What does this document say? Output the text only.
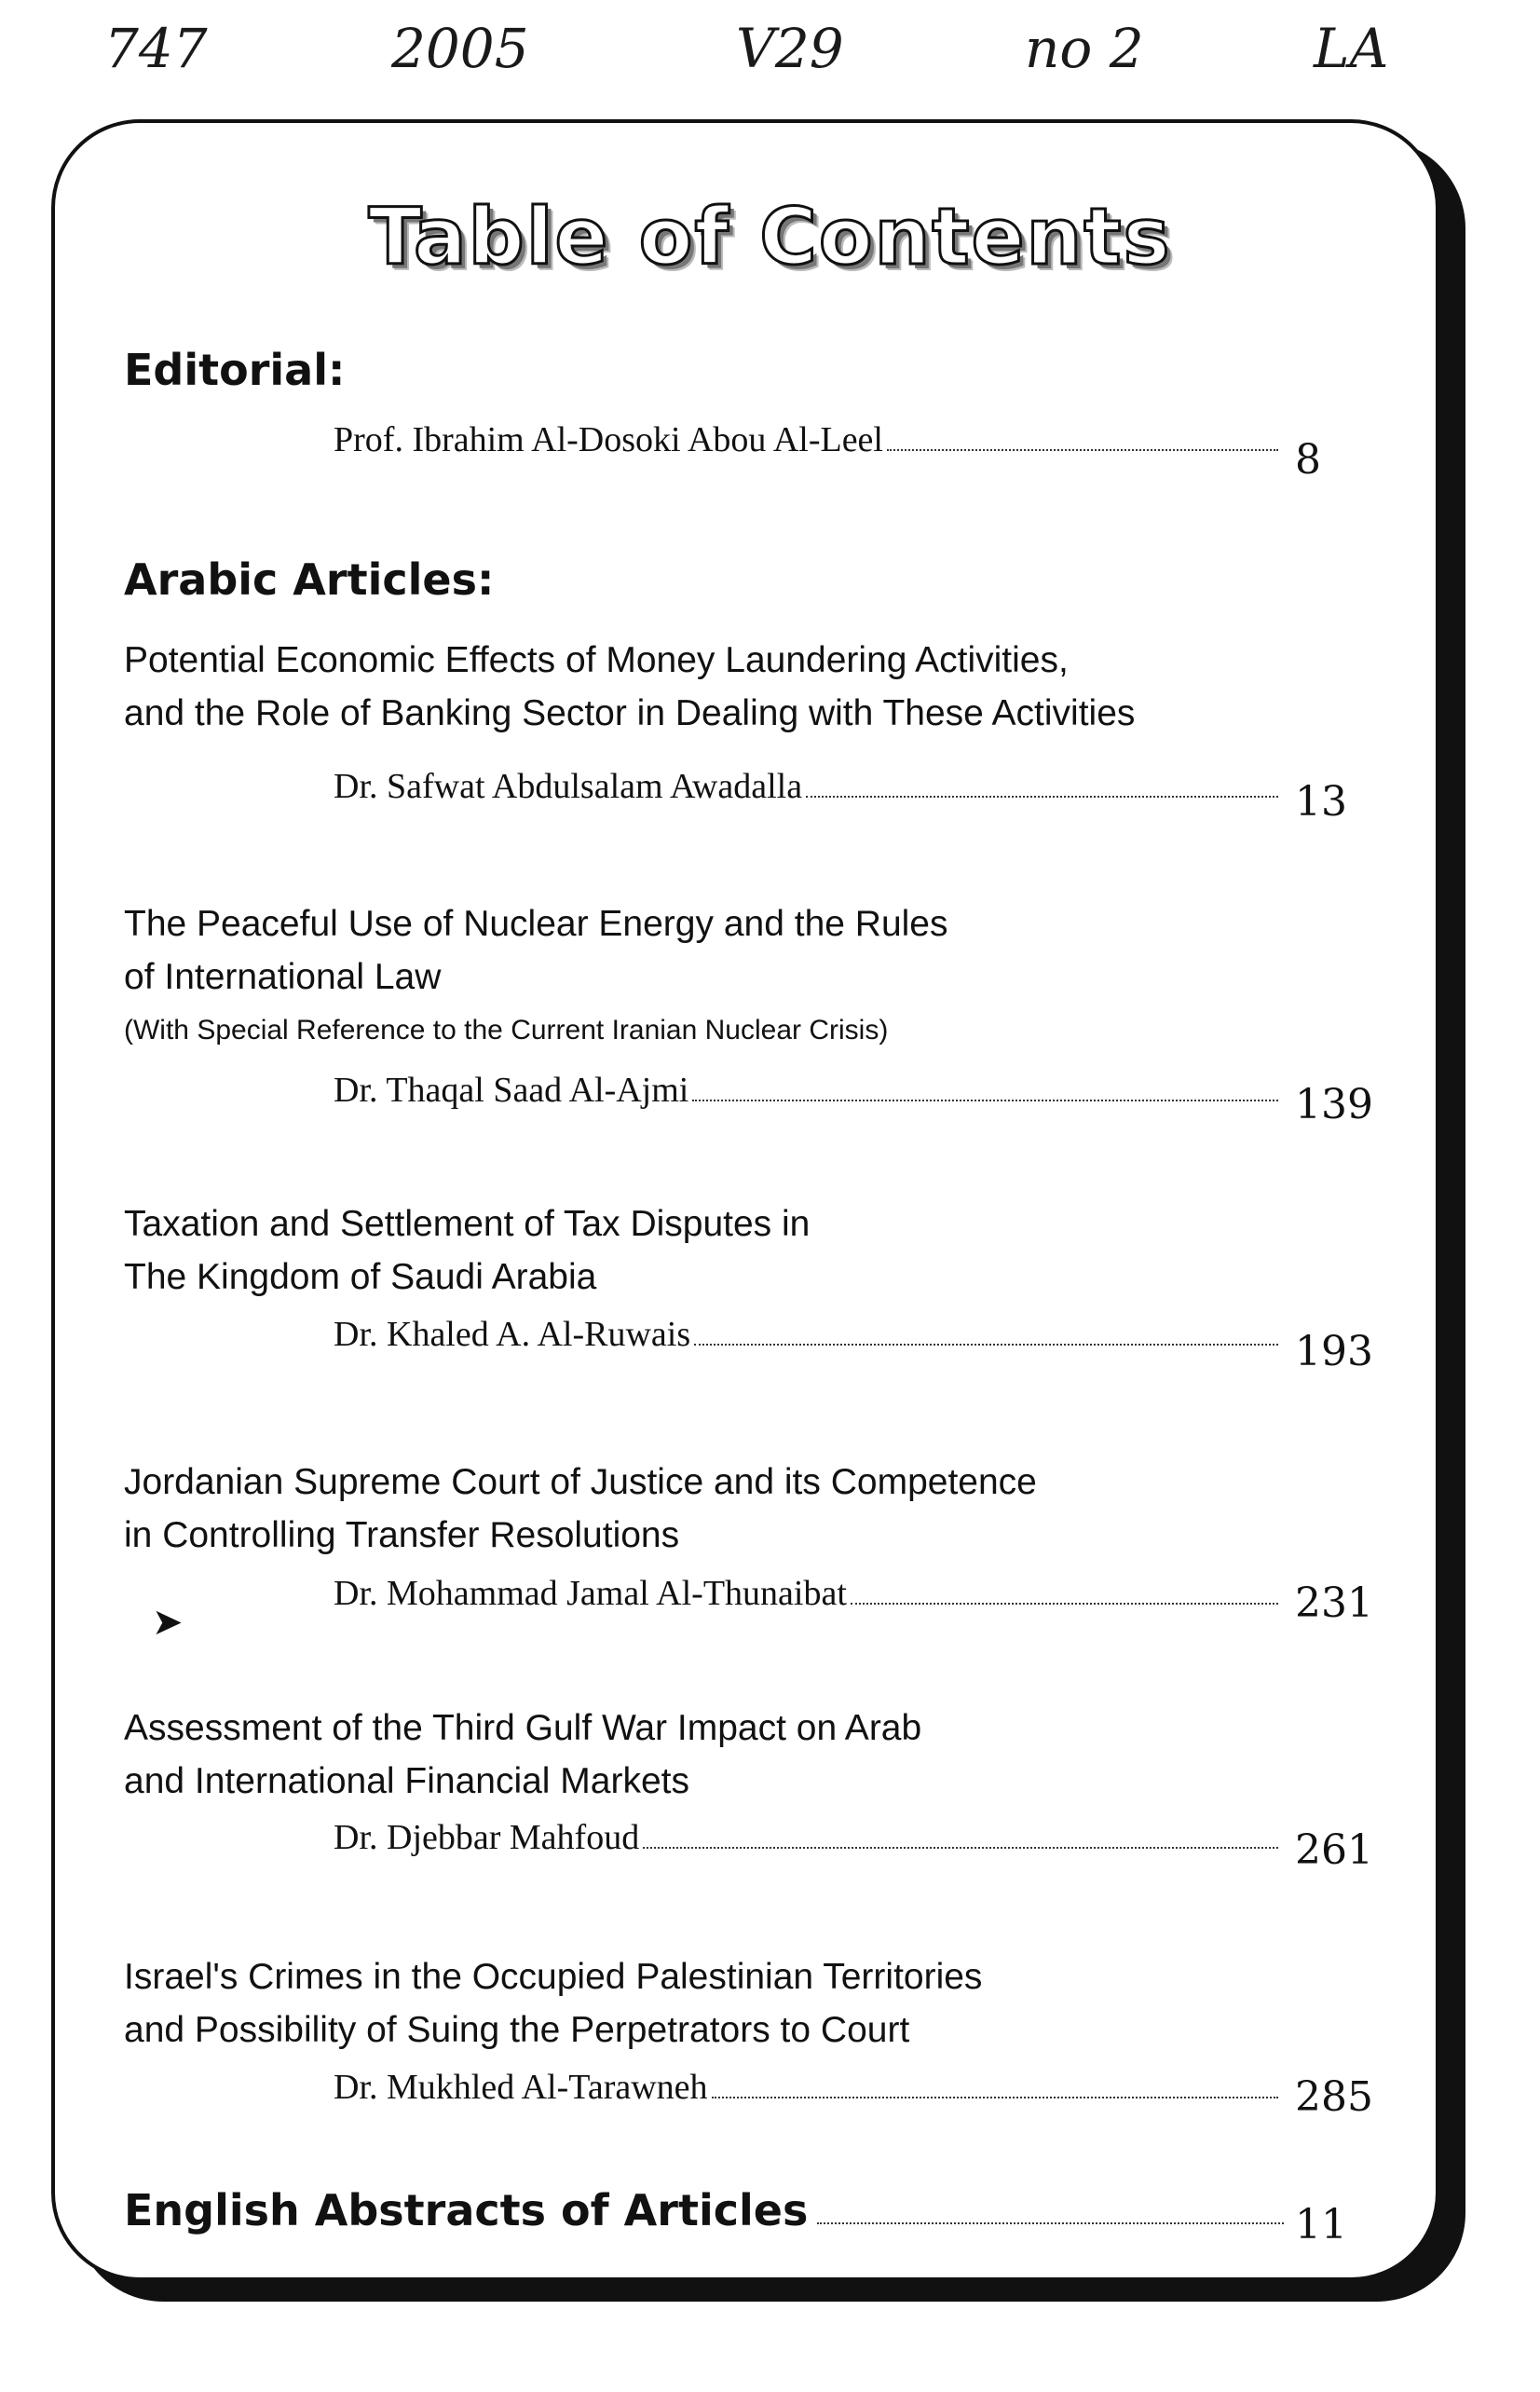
747	2005	V29	no 2	LA
Table of Contents
Editorial:
Prof. Ibrahim Al-Dosoki Abou Al-Leel	8
Arabic Articles:
Potential Economic Effects of Money Laundering Activities,
and the Role of Banking Sector in Dealing with These Activities
Dr. Safwat Abdulsalam Awadalla	13
The Peaceful Use of Nuclear Energy and the Rules
of International Law
(With Special Reference to the Current Iranian Nuclear Crisis)
Dr. Thaqal Saad Al-Ajmi	139
Taxation and Settlement of Tax Disputes in
The Kingdom of Saudi Arabia
Dr. Khaled A. Al-Ruwais	193
Jordanian Supreme Court of Justice and its Competence
in Controlling Transfer Resolutions
Dr. Mohammad Jamal Al-Thunaibat	231
➤
Assessment of the Third Gulf War Impact on Arab
and International Financial Markets
Dr. Djebbar Mahfoud	261
Israel's Crimes in the Occupied Palestinian Territories
and Possibility of Suing the Perpetrators to Court
Dr. Mukhled Al-Tarawneh	285
English Abstracts of Articles	11
